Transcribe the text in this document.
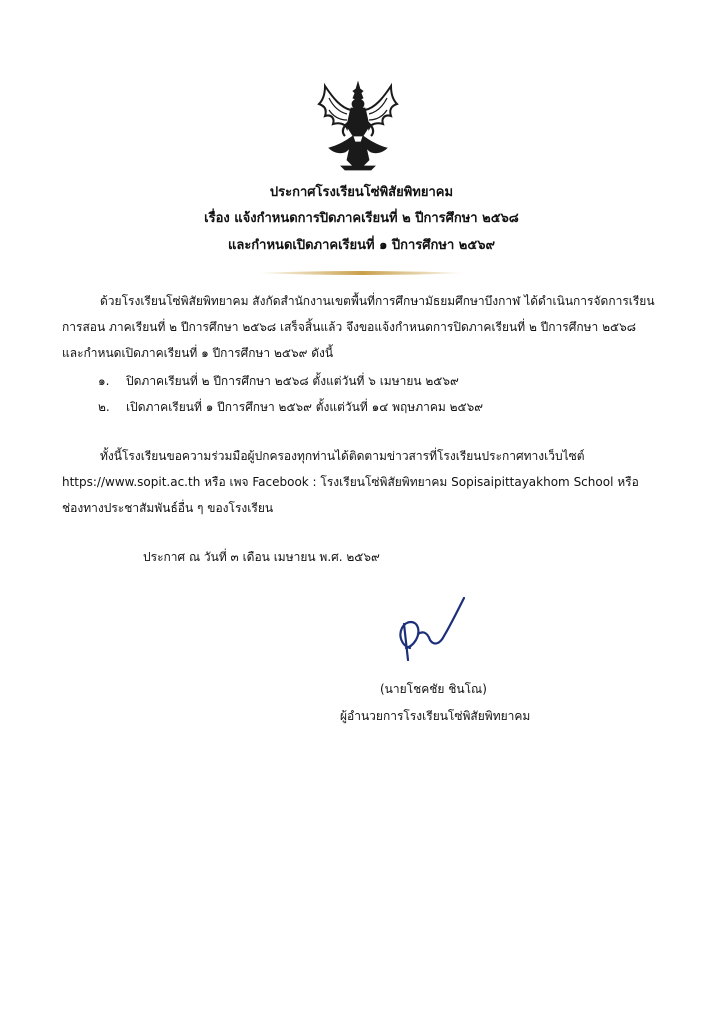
ประกาศโรงเรียนโซ่พิสัยพิทยาคม
เรื่อง แจ้งกำหนดการปิดภาคเรียนที่ ๒ ปีการศึกษา ๒๕๖๘
และกำหนดเปิดภาคเรียนที่ ๑ ปีการศึกษา ๒๕๖๙
ด้วยโรงเรียนโซ่พิสัยพิทยาคม สังกัดสำนักงานเขตพื้นที่การศึกษามัธยมศึกษาบึงกาฬ ได้ดำเนินการจัดการเรียน
การสอน ภาคเรียนที่ ๒ ปีการศึกษา ๒๕๖๘ เสร็จสิ้นแล้ว จึงขอแจ้งกำหนดการปิดภาคเรียนที่ ๒ ปีการศึกษา ๒๕๖๘
และกำหนดเปิดภาคเรียนที่ ๑ ปีการศึกษา ๒๕๖๙ ดังนี้
๑. ปิดภาคเรียนที่ ๒ ปีการศึกษา ๒๕๖๘ ตั้งแต่วันที่ ๖ เมษายน ๒๕๖๙
๒. เปิดภาคเรียนที่ ๑ ปีการศึกษา ๒๕๖๙ ตั้งแต่วันที่ ๑๔ พฤษภาคม ๒๕๖๙
ทั้งนี้โรงเรียนขอความร่วมมือผู้ปกครองทุกท่านได้ติดตามข่าวสารที่โรงเรียนประกาศทางเว็บไซต์
https://www.sopit.ac.th หรือ เพจ Facebook : โรงเรียนโซ่พิสัยพิทยาคม Sopisaipittayakhom School หรือ
ช่องทางประชาสัมพันธ์อื่น ๆ ของโรงเรียน
ประกาศ ณ วันที่ ๓ เดือน เมษายน พ.ศ. ๒๕๖๙
(นายโชคชัย ชินโณ)
ผู้อำนวยการโรงเรียนโซ่พิสัยพิทยาคม
